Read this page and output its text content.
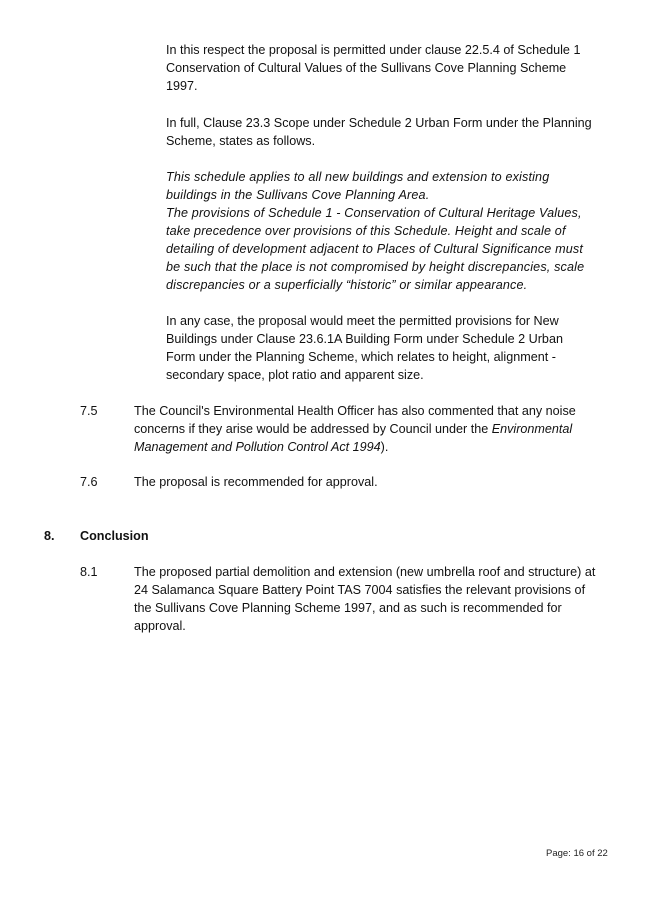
In this respect the proposal is permitted under clause 22.5.4 of Schedule 1
Conservation of Cultural Values of the Sullivans Cove Planning Scheme
1997.
In full, Clause 23.3 Scope under Schedule 2 Urban Form under the Planning
Scheme, states as follows.
This schedule applies to all new buildings and extension to existing
buildings in the Sullivans Cove Planning Area.
The provisions of Schedule 1 - Conservation of Cultural Heritage Values,
take precedence over provisions of this Schedule. Height and scale of
detailing of development adjacent to Places of Cultural Significance must
be such that the place is not compromised by height discrepancies, scale
discrepancies or a superficially “historic” or similar appearance.
In any case, the proposal would meet the permitted provisions for New
Buildings under Clause 23.6.1A Building Form under Schedule 2 Urban
Form under the Planning Scheme, which relates to height, alignment -
secondary space, plot ratio and apparent size.
7.5	The Council's Environmental Health Officer has also commented that any noise
concerns if they arise would be addressed by Council under the Environmental
Management and Pollution Control Act 1994).
7.6	The proposal is recommended for approval.
8. Conclusion
8.1	The proposed partial demolition and extension (new umbrella roof and structure) at
24 Salamanca Square Battery Point TAS 7004 satisfies the relevant provisions of
the Sullivans Cove Planning Scheme 1997, and as such is recommended for
approval.
Page: 16 of 22
